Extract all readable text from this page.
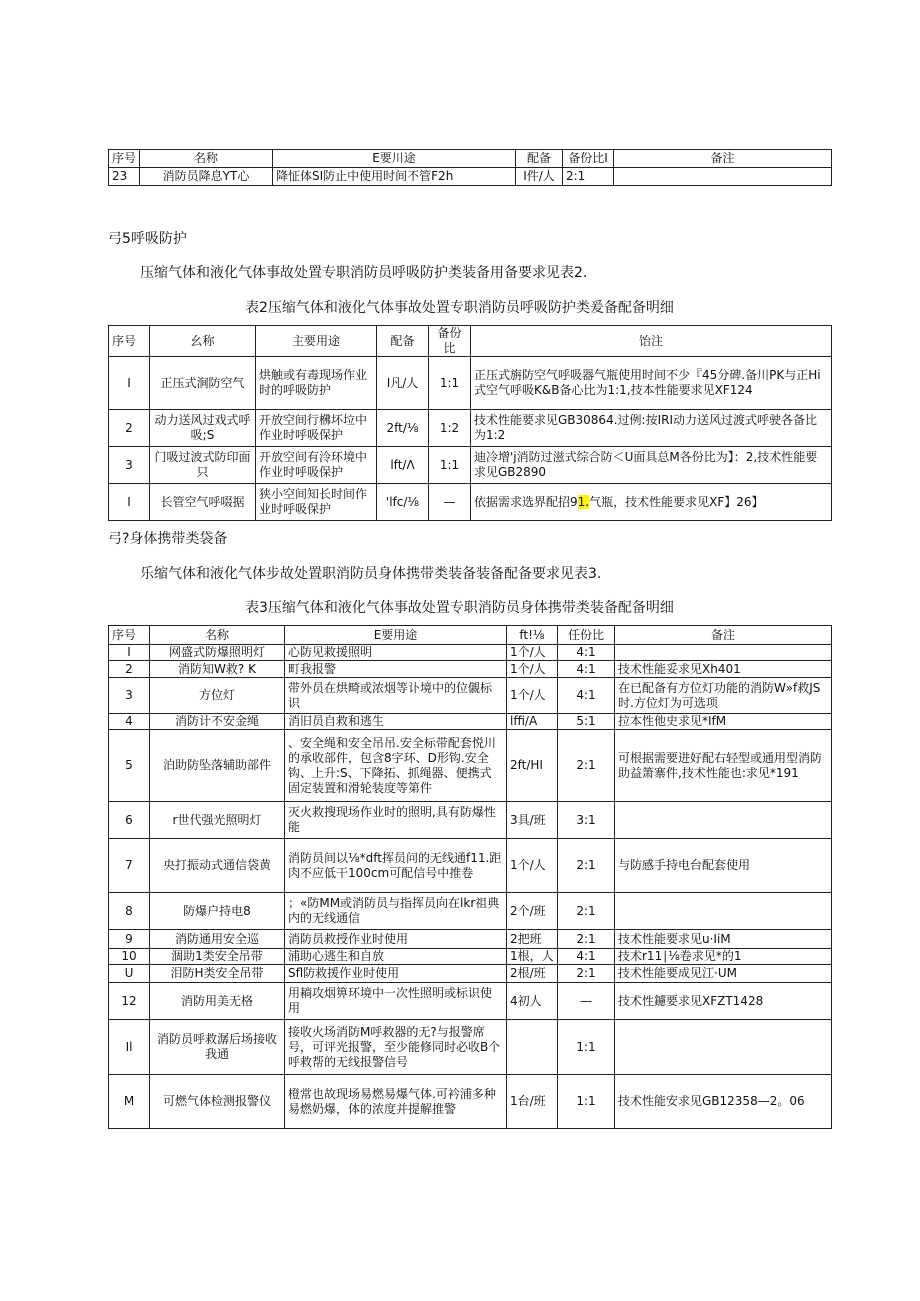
序号	名称	E要川途	配备	备份比I	备注
23	消防员降息YT心	降怔体SI防止中使用时间不管F2h	I件/人	2:1	

弓5呼吸防护

压缩气体和液化气体事故处置专职消防员呼吸防护类装备用备要求见表2.

表2压缩气体和液化气体事故处置专职消防员呼吸防护类爰备配备明细

序号	幺称	主要用途	配备	备份比	饴注
I	正压式涧防空气	烘触或有毒现场作业时的呼吸防护	I凡/人	1:1	正压式旃防空气呼吸器气瓶使用时间不少『45分碑.备川PK与正Hi式空气呼吸K&B备心比为1:1,技本性能要求见XF124
2	动力送风过戏式呼吸;S	开放空间行梻坏垃中作业时呼吸保护	2ft/⅛	1:2	技术性能要求见GB30864.过例:按IRI动力送风过渡式呼驶各备比为1:2
3	门吸过波式防印面只	开放空间有泠环境中作业时呼吸保护	lft/Λ	1:1	迪冷增'j消防过滋式综合防＜U面具总M各份比为】：2,技术性能要求见GB2890
I	长管空气呼啜据	狭小空间知长时间作业时呼吸保护	'lfc/⅛	—	依据需求选界配招91.气瓶，技术性能要求见XF】26】

弓?身体携带类袋备

乐缩气体和液化气体步故处置职消防员身体携带类装备装备配备要求见表3.

表3压缩气体和液化气体事故处置专职消防员身体携带类装备配备明细

序号	名称	E要用途	ft!⅛	任份比	备注
I	网盛式防爆照明灯	心防见救援照明	1个/人	4:1	
2	消防知W救? K	町我报警	1个/人	4:1	技术性能妥求见Xh401
3	方位灯	带外员在烘畸或浓烟等讣境中的位儭标识	1个/人	4:1	在已配备有方位灯功能的消防W»f救JS时.方位灯为可选项
4	消防计不安金绳	消旧员自救和逃生	lffi/A	5:1	拉本性他史求见*IfM
5	泊助防坠落辅助部件	、安全绳和安全吊吊.安全标带配套悦川的承收部件，包含8字环、D形钩.安全钩、上升:S、下降拓、抓绳器、便携式固定装置和滑轮装度等第件	2ft/HI	2:1	可根据需要进好配右轻型或通用型消防助益箫寨件,技术性能也:求见*191
6	r世代强光照明灯	灭火救搜现场作业时的照明,具有防爆性能	3具/班	3:1	
7	央打振动式通信袋黄	消防员间以⅛*dft挥员问的无线通f11.距肉不应低干100cm可配信号中推卷	1个/人	2:1	与防感手持电台配套使用
8	防爆户持电8	；«防MM或消防员与指挥员向在lkr祖典内的无线通信	2个/班	2:1	
9	消防通用安全巡	消防员救授作业时使用	2把班	2:1	技术性能要求见u·IiM
10	涸助1类安全吊带	浦助心逃生和自放	1根，人	4:1	技术r11∣⅛卷求见*的1
U	泪防H类安全吊带	Sfl防救援作业时使用	2根/班	2:1	技术性能要成见江·UM
12	消防用美无格	用耥攻烟箅环境中一次性照明或标识使用	4初人	—	技术性鑢要求见XFZT1428
Il	消防员呼救潺后场接收我通	接收火场消防M呼救器的无?与报警席号，可评光报警，至少能修同时必收B个呼救帮的无线报警信号		1:1	
M	可燃气体检测报警仪	橙常也故现场易燃易爆气体.可衿浦多种易燃奶爆，体的浓度并提解推警	1台/班	1:1	技术性能安求见GB12358—2。06
